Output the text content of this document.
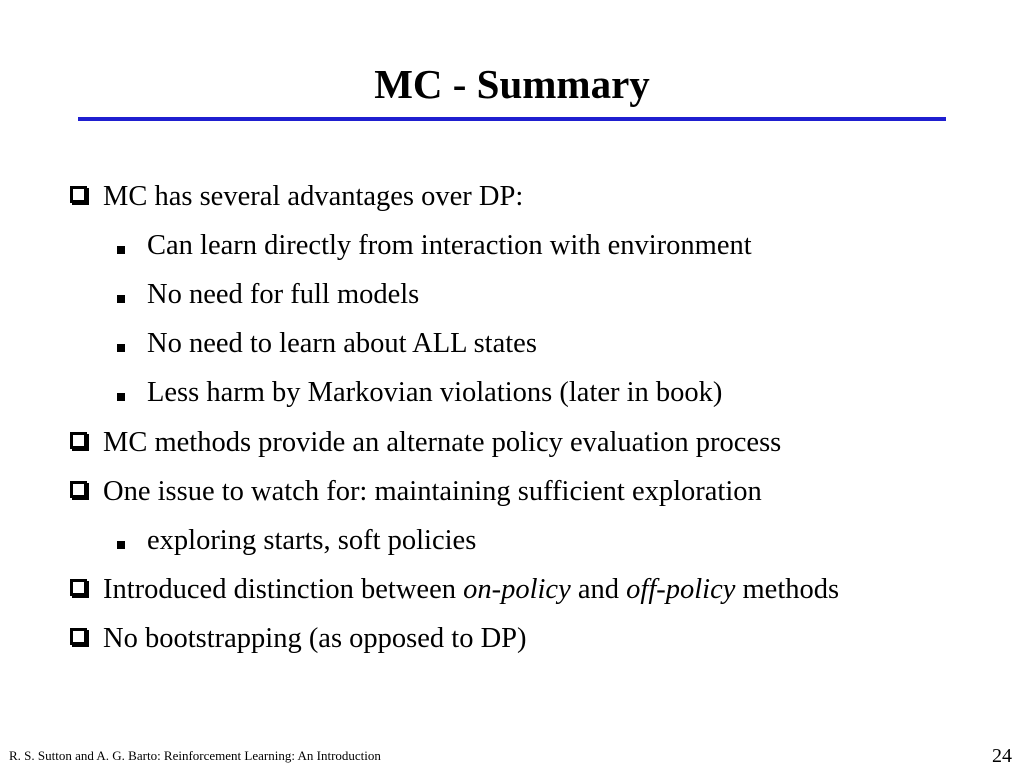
MC - Summary
MC has several advantages over DP:
Can learn directly from interaction with environment
No need for full models
No need to learn about ALL states
Less harm by Markovian violations (later in book)
MC methods provide an alternate policy evaluation process
One issue to watch for: maintaining sufficient exploration
exploring starts, soft policies
Introduced distinction between on-policy and off-policy methods
No bootstrapping (as opposed to DP)
R. S. Sutton and A. G. Barto: Reinforcement Learning: An Introduction	24
